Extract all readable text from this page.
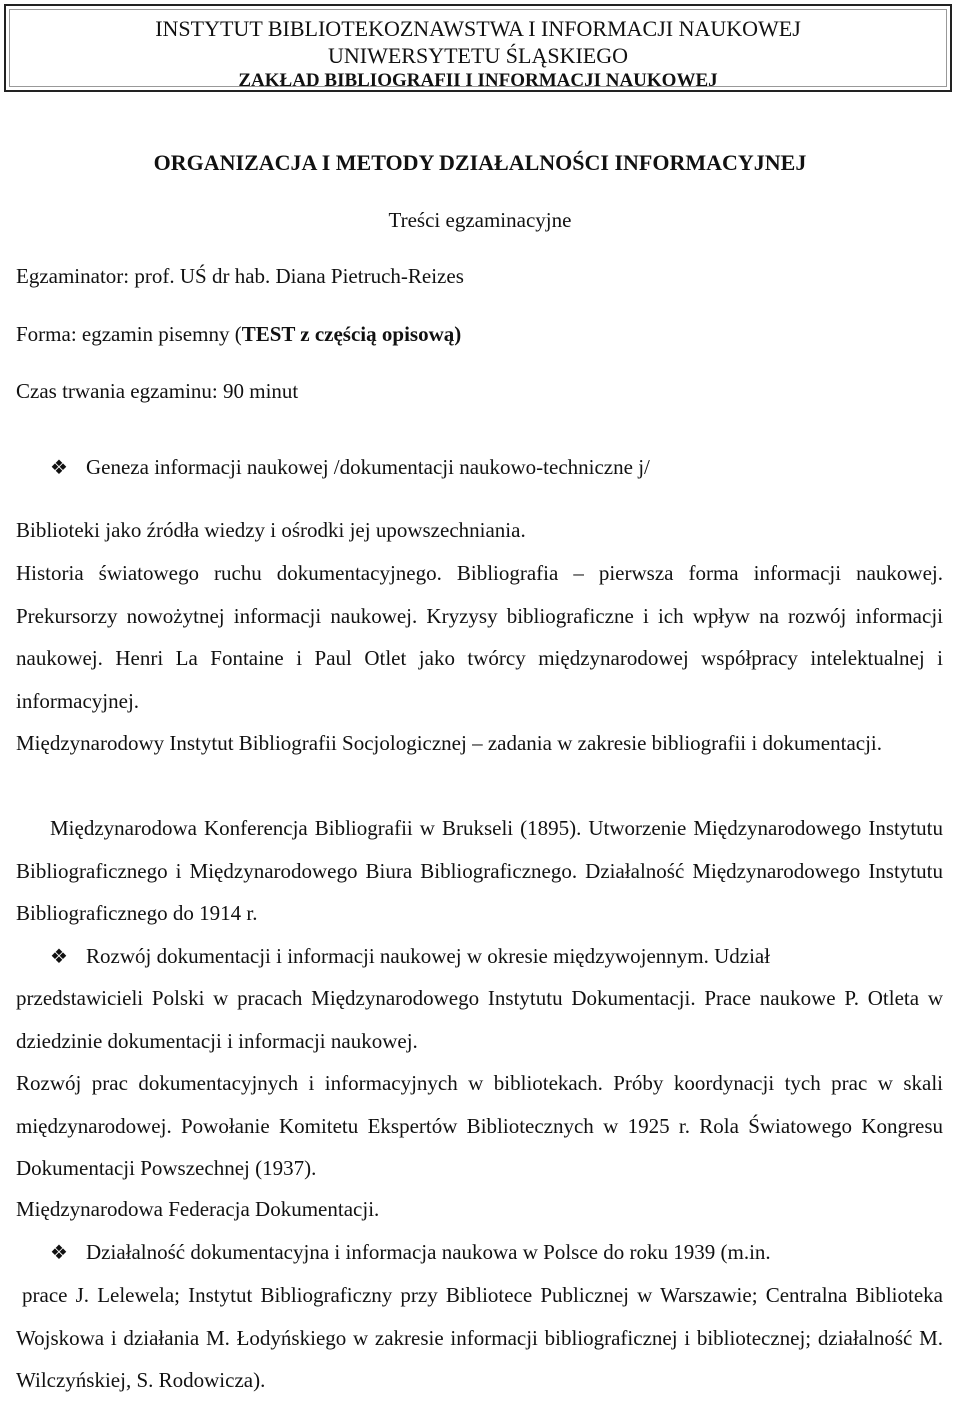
INSTYTUT BIBLIOTEKOZNAWSTWA I INFORMACJI NAUKOWEJ
UNIWERSYTETU ŚLĄSKIEGO
ZAKŁAD BIBLIOGRAFII I INFORMACJI NAUKOWEJ
ORGANIZACJA I METODY DZIAŁALNOŚCI INFORMACYJNEJ
Treści egzaminacyjne
Egzaminator: prof. UŚ dr hab. Diana Pietruch-Reizes
Forma: egzamin pisemny (TEST z częścią opisową)
Czas trwania egzaminu: 90 minut
❖ Geneza informacji naukowej /dokumentacji naukowo-techniczne j/
Biblioteki jako źródła wiedzy i ośrodki jej upowszechniania.
Historia światowego ruchu dokumentacyjnego. Bibliografia – pierwsza forma informacji naukowej. Prekursorzy nowożytnej informacji naukowej. Kryzysy bibliograficzne i ich wpływ na rozwój informacji naukowej. Henri La Fontaine i Paul Otlet jako twórcy międzynarodowej współpracy intelektualnej i informacyjnej.
Międzynarodowy Instytut Bibliografii Socjologicznej – zadania w zakresie bibliografii i dokumentacji.
Międzynarodowa Konferencja Bibliografii w Brukseli (1895). Utworzenie Międzynarodowego Instytutu Bibliograficznego i Międzynarodowego Biura Bibliograficznego. Działalność Międzynarodowego Instytutu Bibliograficznego do 1914 r.
❖ Rozwój dokumentacji i informacji naukowej w okresie międzywojennym. Udział
przedstawicieli Polski w pracach Międzynarodowego Instytutu Dokumentacji. Prace naukowe P. Otleta w dziedzinie dokumentacji i informacji naukowej.
Rozwój prac dokumentacyjnych i informacyjnych w bibliotekach. Próby koordynacji tych prac w skali międzynarodowej. Powołanie Komitetu Ekspertów Bibliotecznych w 1925 r. Rola Światowego Kongresu Dokumentacji Powszechnej (1937).
Międzynarodowa Federacja Dokumentacji.
❖ Działalność dokumentacyjna i informacja naukowa w Polsce do roku 1939 (m.in.
prace J. Lelewela; Instytut Bibliograficzny przy Bibliotece Publicznej w Warszawie; Centralna Biblioteka Wojskowa i działania M. Łodyńskiego w zakresie informacji bibliograficznej i bibliotecznej; działalność M. Wilczyńskiej, S. Rodowicza).
